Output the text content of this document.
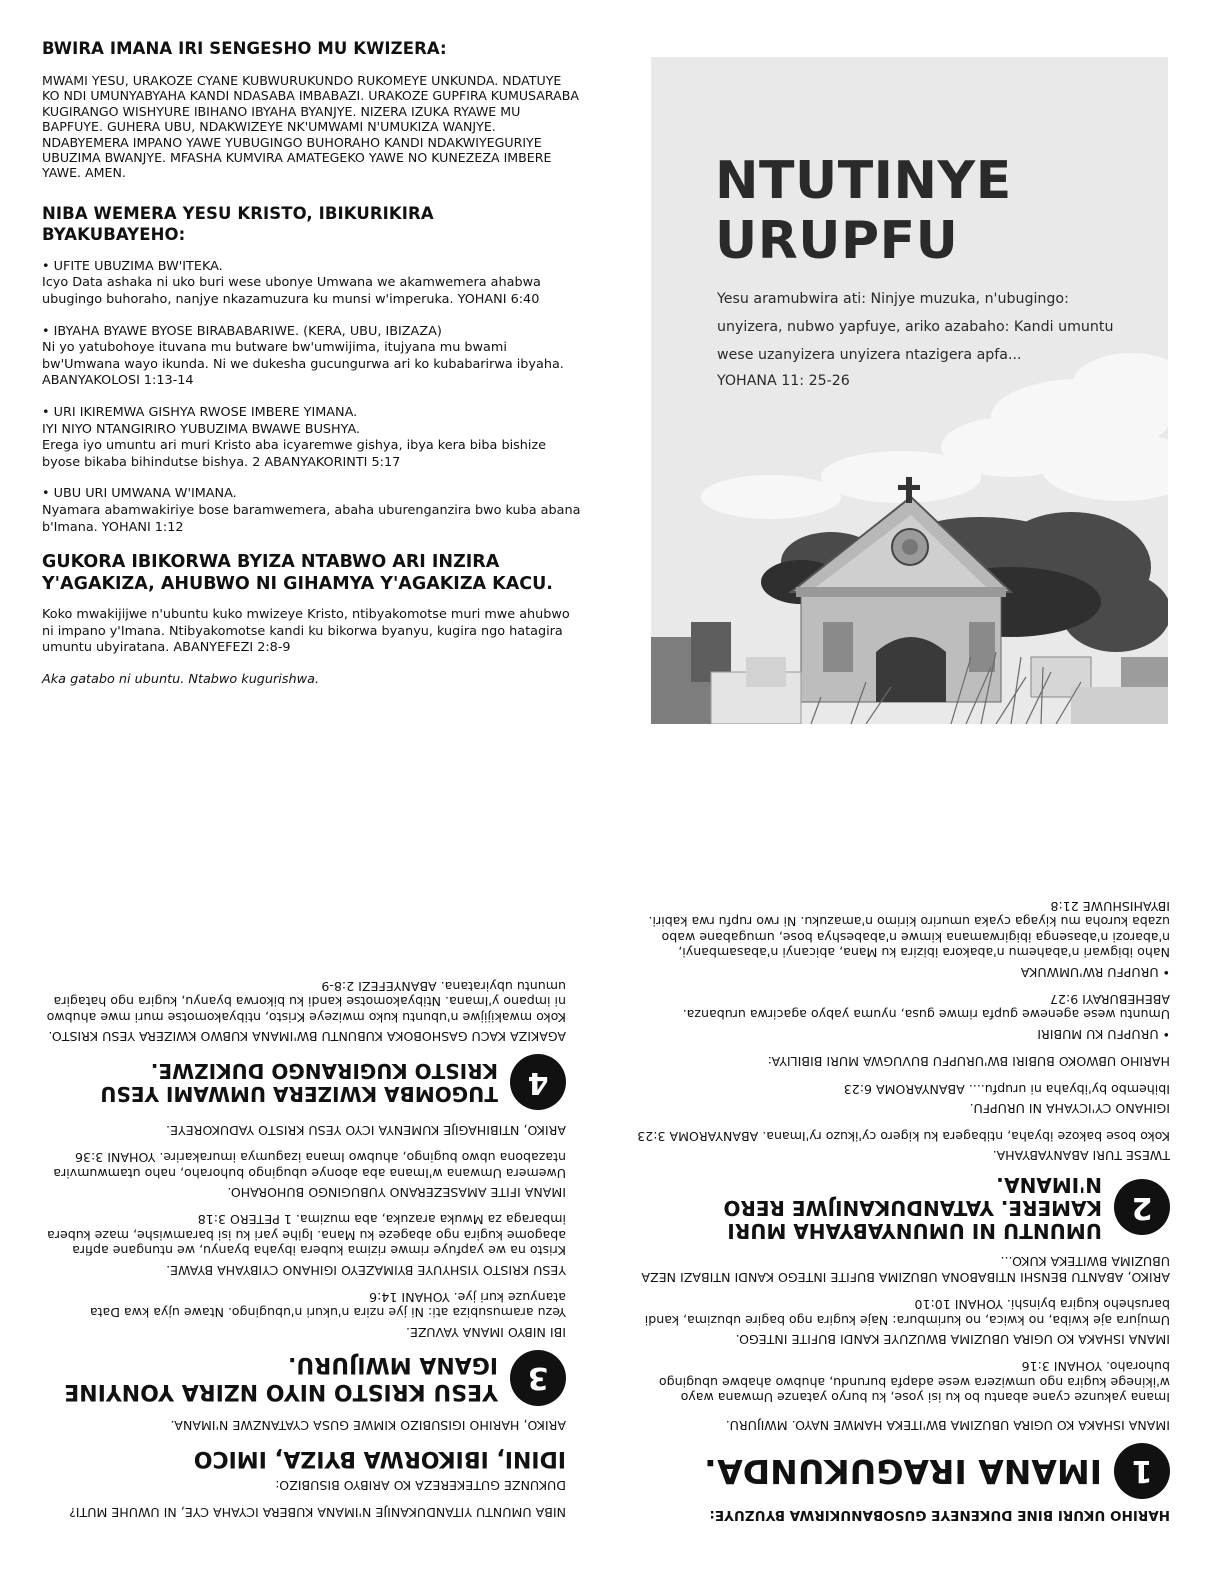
BWIRA IMANA IRI SENGESHO MU KWIZERA:
MWAMI YESU, URAKOZE CYANE KUBWURUKUNDO RUKOMEYE UNKUNDA. NDATUYE KO NDI UMUNYABYAHA KANDI NDASABA IMBABAZI. URAKOZE GUPFIRA KUMUSARABA KUGIRANGO WISHYURE IBIHANO IBYAHA BYANJYE. NIZERA IZUKA RYAWE MU BAPFUYE. GUHERA UBU, NDAKWIZEYE NK'UMWAMI N'UMUKIZA WANJYE. NDABYEMERA IMPANO YAWE YUBUGINGO BUHORAHO KANDI NDAKWIYEGURIYE UBUZIMA BWANJYE. MFASHA KUMVIRA AMATEGEKO YAWE NO KUNEZEZA IMBERE YAWE. AMEN.
NIBA WEMERA YESU KRISTO, IBIKURIKIRA BYAKUBAYEHO:
• UFITE UBUZIMA BW'ITEKA.
Icyo Data ashaka ni uko buri wese ubonye Umwana we akamwemera ahabwa ubugingo buhoraho, nanjye nkazamuzura ku munsi w'imperuka. YOHANI 6:40
• IBYAHA BYAWE BYOSE BIRABABARIWE. (KERA, UBU, IBIZAZA)
Ni yo yatubohoye ituvana mu butware bw'umwijima, itujyana mu bwami bw'Umwana wayo ikunda. Ni we dukesha gucungurwa ari ko kubabarirwa ibyaha. ABANYAKOLOSI 1:13-14
• URI IKIREMWA GISHYA RWOSE IMBERE YIMANA.
IYI NIYO NTANGIRIRO YUBUZIMA BWAWE BUSHYA.
Erega iyo umuntu ari muri Kristo aba icyaremwe gishya, ibya kera biba bishize byose bikaba bihindutse bishya. 2 ABANYAKORINTI 5:17
• UBU URI UMWANA W'IMANA.
Nyamara abamwakiriye bose baramwemera, abaha uburenganzira bwo kuba abana b'Imana. YOHANI 1:12
GUKORA IBIKORWA BYIZA NTABWO ARI INZIRA Y'AGAKIZA, AHUBWO NI GIHAMYA Y'AGAKIZA KACU.
Koko mwakijijwe n'ubuntu kuko mwizeye Kristo, ntibyakomotse muri mwe ahubwo ni impano y'Imana. Ntibyakomotse kandi ku bikorwa byanyu, kugira ngo hatagira umuntu ubyiratana. ABANYEFEZI 2:8-9
Aka gatabo ni ubuntu. Ntabwo kugurishwa.
NTUTINYE
URUPFU
Yesu aramubwira ati: Ninjye muzuka, n'ubugingo: unyizera, nubwo yapfuye, ariko azabaho: Kandi umuntu wese uzanyizera unyizera ntazigera apfa...
YOHANA 11: 25-26

HARIHO UKURI BINE DUKENEYE GUSOBANUKIRWA BYUZUYE:

1
IMANA IRAGUKUNDA.

IMANA ISHAKA KO UGIRA UBUZIMA BW'ITEKA HAMWE NAYO. MWIJURU.

Imana yakunze cyane abantu bo ku isi yose, ku buryo yatanze Umwana wayo w'ikinege kugira ngo umwizera wese adapfa burundu, ahubwo ahabwe ubugingo buhoraho. YOHANI 3:16

IMANA ISHAKA KO UGIRA UBUZIMA BWUZUYE KANDI BUFITE INTEGO.

Umujura aje kwiba, no kwica, no kurimbura: Naje kugira ngo bagire ubuzima, kandi barusheho kugira byinshi. YOHANI 10:10

ARIKO, ABANTU BENSHI NTIBABONA UBUZIMA BUFITE INTEGO KANDI NTIBAZI NEZA UBUZIMA BWITEKA KUKO...

2
UMUNTU NI UMUNYABYAHA MURI KAMERE. YATANDUKANIJWE RERO N'IMANA.

TWESE TURI ABANYABYAHA.

Koko bose bakoze ibyaha, ntibagera ku kigero cy'ikuzo ry'Imana. ABANYAROMA 3:23

IGIHANO CY'ICYAHA NI URUPFU.

Ibihembo by'ibyaha ni urupfu.... ABANYAROMA 6:23

HARIHO UBWOKO BUBIRI BW'URUPFU BUVUGWA MURI BIBILIYA:

• URUPFU KU MUBIRI

Umuntu wese agenewe gupfa rimwe gusa, nyuma yabyo agacirwa urubanza. ABEHEBURAYI 9:27

• URUPFU RW'UMWUKA

Naho ibigwari n'abahemu n'abakora ibizira ku Mana, abicanyi n'abasambanyi, n'abarozi n'abasenga ibigirwamana kimwe n'ababeshya bose, umugabane wabo uzaba kuroha mu kiyaga cyaka umuriro kirimo n'amazuku. Ni rwo rupfu rwa kabiri. IBYAHISHUWE 21:8

NIBA UMUNTU YITANDUKANIJE N'IMANA KUBERA ICYAHA CYE, NI UWUHE MUTI?

DUKUNZE GUTEKEREZA KO ARIBYO BISUBIZO:

IDINI, IBIKORWA BYIZA, IMICO

ARIKO, HARIHO IGISUBIZO KIMWE GUSA CYATANZWE N'IMANA.

3
YESU KRISTO NIYO NZIRA YONYINE IGANA MWIJURU.

IBI NIBYO IMANA YAVUZE.

Yezu aramusubiza ati: Ni jye nzira n'ukuri n'ubugingo. Ntawe ujya kwa Data atanyuze kuri jye. YOHANI 14:6

YESU KRISTO YISHYUYE BYIMAZEYO IGIHANO CYIBYAHA BYAWE.

Kristo na we yapfuye rimwe rizima kubera ibyaha byanyu, we ntungane apfira abagome kugira ngo abageze ku Mana. Igihe yari ku isi baramwishe, maze kubera imbaraga za Mwuka arazuka, aba muzima. 1 PETERO 3:18

IMANA IFITE AMASEZERANO YUBUGINGO BUHORAHO.

Uwemera Umwana w'Imana aba abonye ubugingo buhoraho, naho utamwumvira ntazabona ubwo bugingo, ahubwo Imana izagumya imurakarire. YOHANI 3:36

ARIKO, NTIBIHAGIJE KUMENYA ICYO YESU KRISTO YADUKOREYE.

4
TUGOMBA KWIZERA UMWAMI YESU KRISTO KUGIRANGO DUKIZWE.

AGAKIZA KACU GASHOBOKA KUBUNTU BW'IMANA KUBWO KWIZERA YESU KRISTO.

Koko mwakijijwe n'ubuntu kuko mwizeye Kristo, ntibyakomotse muri mwe ahubwo ni impano y'Imana. Ntibyakomotse kandi ku bikorwa byanyu, kugira ngo hatagira umuntu ubyiratana. ABANYEFEZI 2:8-9
